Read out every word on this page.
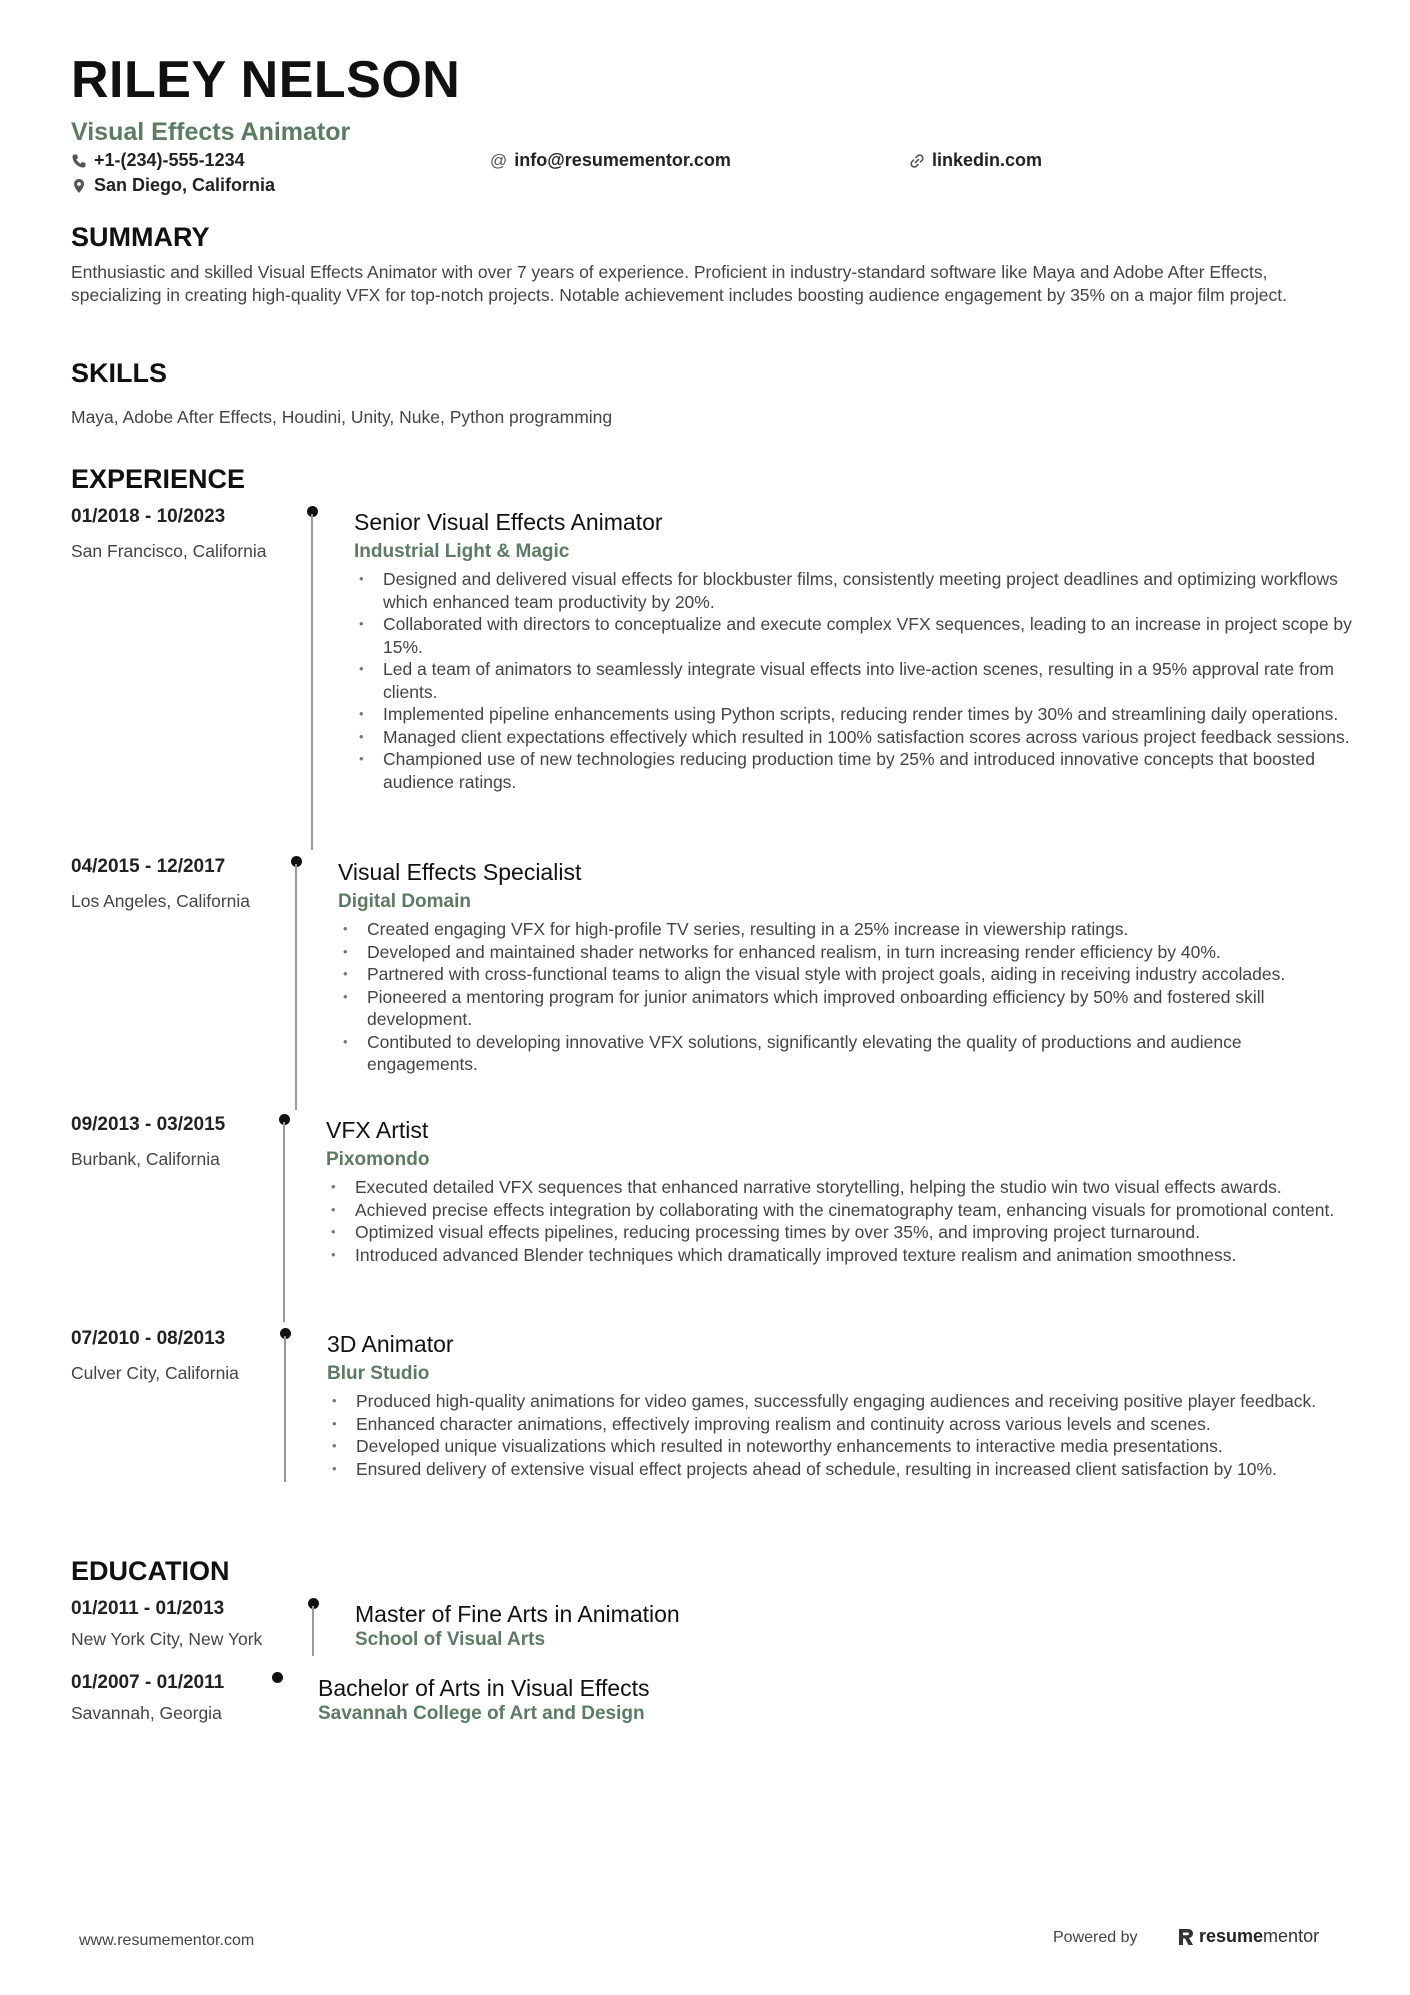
RILEY NELSON
Visual Effects Animator
+1-(234)-555-1234	@ info@resumementor.com	linkedin.com
San Diego, California
SUMMARY

Enthusiastic and skilled Visual Effects Animator with over 7 years of experience. Proficient in industry-standard software like Maya and Adobe After Effects, specializing in creating high-quality VFX for top-notch projects. Notable achievement includes boosting audience engagement by 35% on a major film project.

SKILLS

Maya, Adobe After Effects, Houdini, Unity, Nuke, Python programming

EXPERIENCE
01/2018 - 10/2023
San Francisco, California
Senior Visual Effects Animator
Industrial Light & Magic
• Designed and delivered visual effects for blockbuster films, consistently meeting project deadlines and optimizing workflows which enhanced team productivity by 20%.
• Collaborated with directors to conceptualize and execute complex VFX sequences, leading to an increase in project scope by 15%.
• Led a team of animators to seamlessly integrate visual effects into live-action scenes, resulting in a 95% approval rate from clients.
• Implemented pipeline enhancements using Python scripts, reducing render times by 30% and streamlining daily operations.
• Managed client expectations effectively which resulted in 100% satisfaction scores across various project feedback sessions.
• Championed use of new technologies reducing production time by 25% and introduced innovative concepts that boosted audience ratings.
04/2015 - 12/2017
Los Angeles, California
Visual Effects Specialist
Digital Domain
• Created engaging VFX for high-profile TV series, resulting in a 25% increase in viewership ratings.
• Developed and maintained shader networks for enhanced realism, in turn increasing render efficiency by 40%.
• Partnered with cross-functional teams to align the visual style with project goals, aiding in receiving industry accolades.
• Pioneered a mentoring program for junior animators which improved onboarding efficiency by 50% and fostered skill development.
• Contibuted to developing innovative VFX solutions, significantly elevating the quality of productions and audience engagements.
09/2013 - 03/2015
Burbank, California
VFX Artist
Pixomondo
• Executed detailed VFX sequences that enhanced narrative storytelling, helping the studio win two visual effects awards.
• Achieved precise effects integration by collaborating with the cinematography team, enhancing visuals for promotional content.
• Optimized visual effects pipelines, reducing processing times by over 35%, and improving project turnaround.
• Introduced advanced Blender techniques which dramatically improved texture realism and animation smoothness.
07/2010 - 08/2013
Culver City, California
3D Animator
Blur Studio
• Produced high-quality animations for video games, successfully engaging audiences and receiving positive player feedback.
• Enhanced character animations, effectively improving realism and continuity across various levels and scenes.
• Developed unique visualizations which resulted in noteworthy enhancements to interactive media presentations.
• Ensured delivery of extensive visual effect projects ahead of schedule, resulting in increased client satisfaction by 10%.
EDUCATION
01/2011 - 01/2013
New York City, New York
Master of Fine Arts in Animation
School of Visual Arts
01/2007 - 01/2011
Savannah, Georgia
Bachelor of Arts in Visual Effects
Savannah College of Art and Design
www.resumementor.com	Powered by	resumementor
